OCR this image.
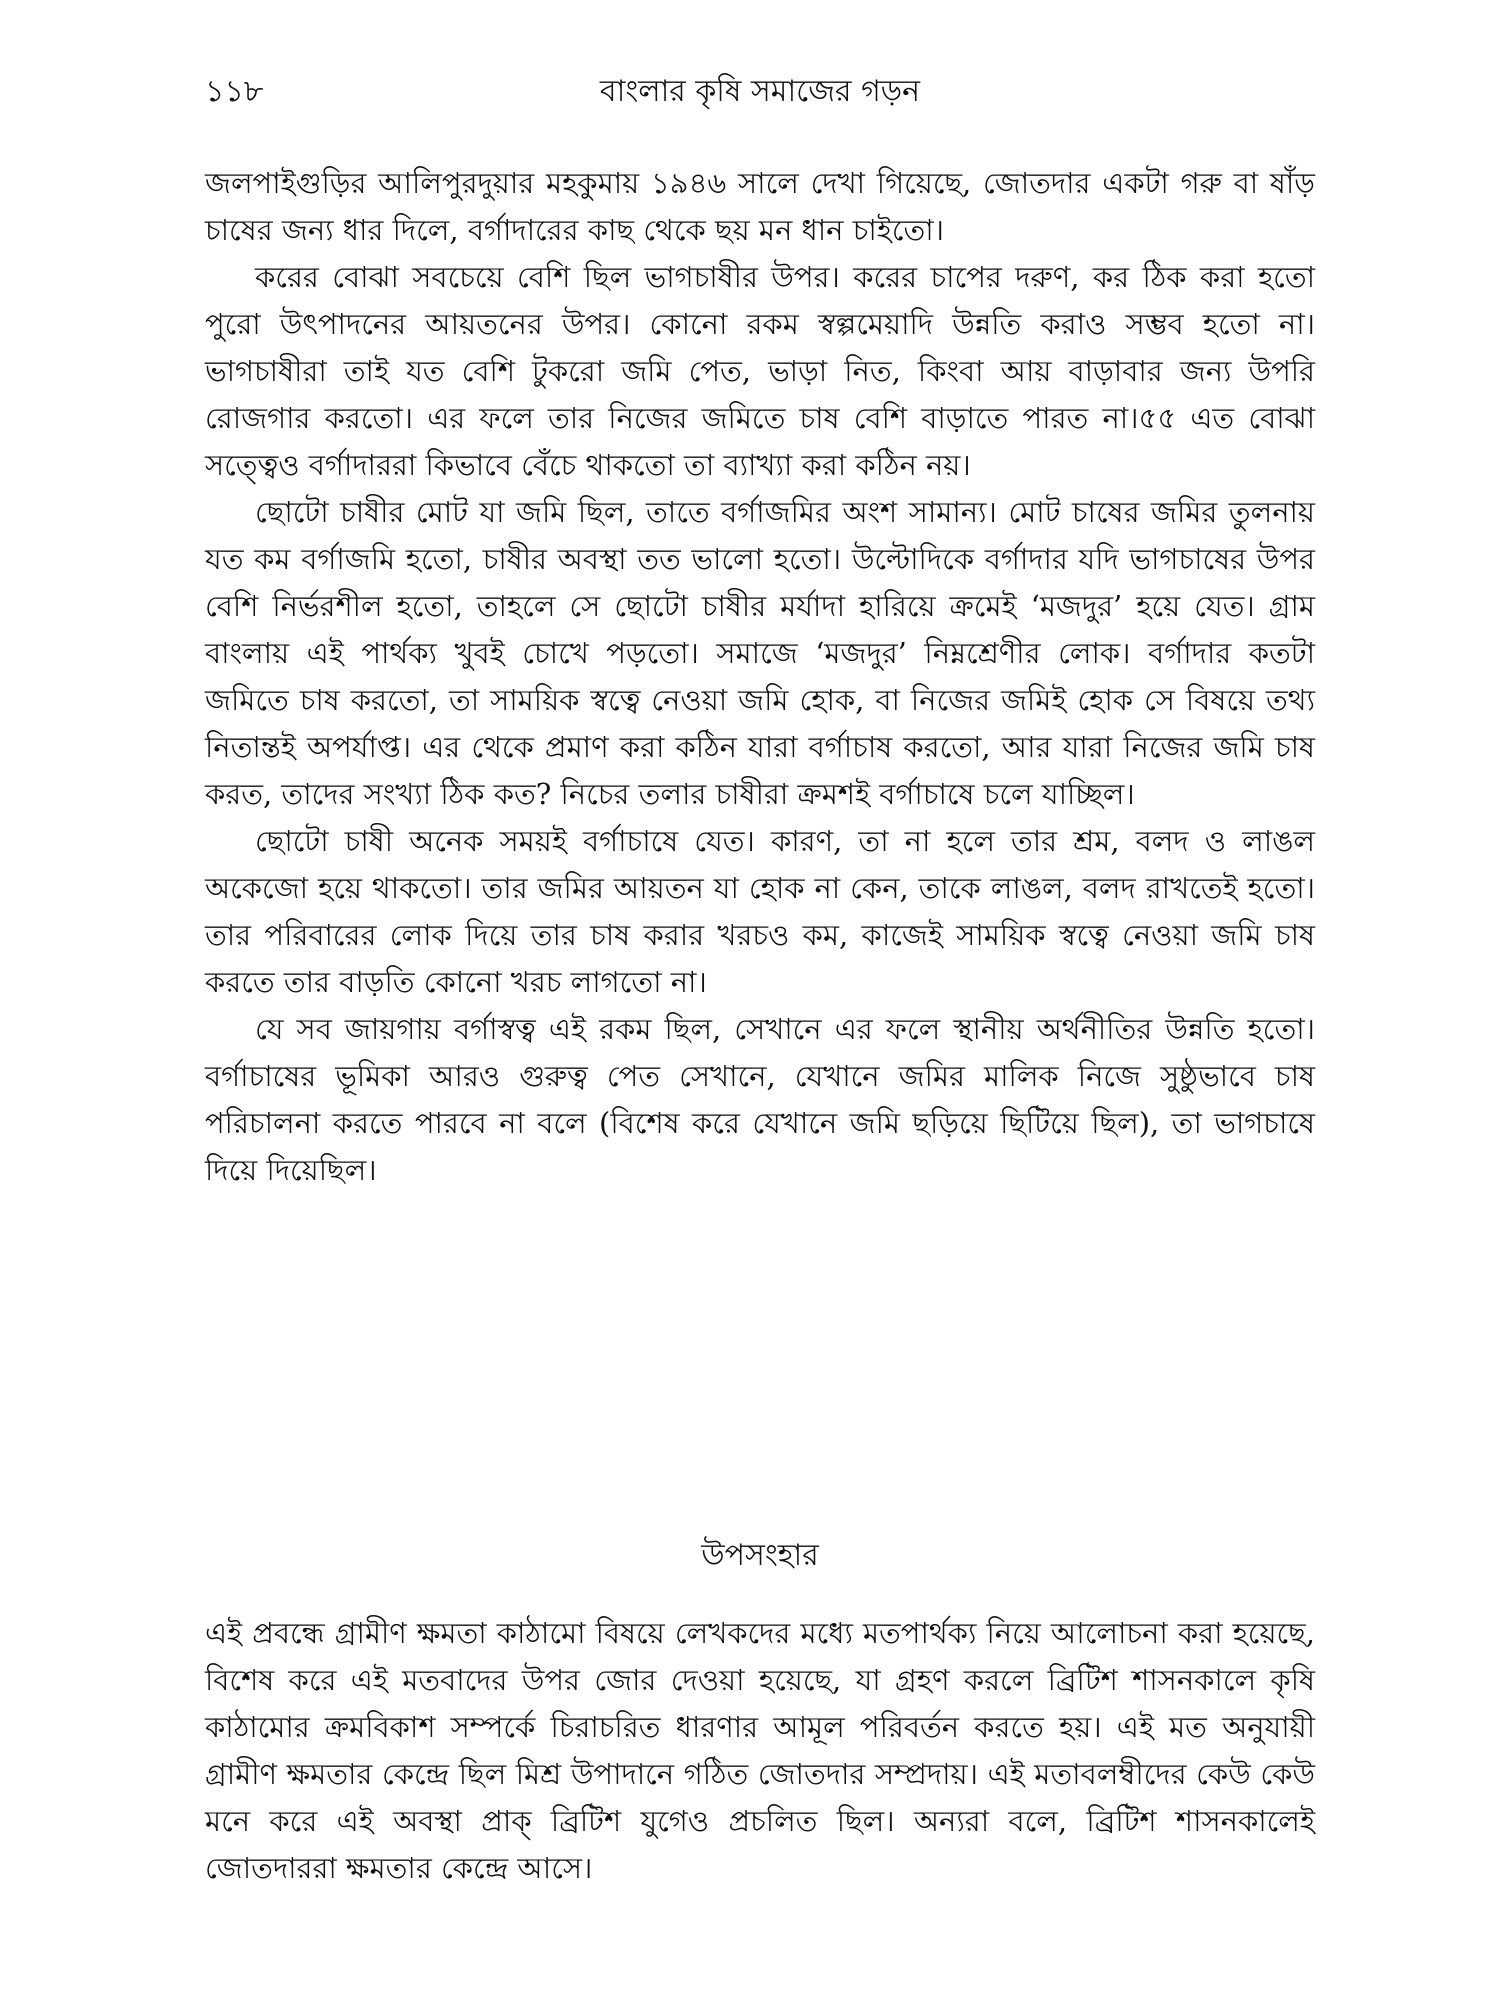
১১৮	বাংলার কৃষি সমাজের গড়ন

জলপাইগুড়ির আলিপুরদুয়ার মহকুমায় ১৯৪৬ সালে দেখা গিয়েছে, জোতদার একটা গরু বা ষাঁড় চাষের জন্য ধার দিলে, বর্গাদারের কাছ থেকে ছয় মন ধান চাইতো।

করের বোঝা সবচেয়ে বেশি ছিল ভাগচাষীর উপর। করের চাপের দরুণ, কর ঠিক করা হতো পুরো উৎপাদনের আয়তনের উপর। কোনো রকম স্বল্পমেয়াদি উন্নতি করাও সম্ভব হতো না। ভাগচাষীরা তাই যত বেশি টুকরো জমি পেত, ভাড়া নিত, কিংবা আয় বাড়াবার জন্য উপরি রোজগার করতো। এর ফলে তার নিজের জমিতে চাষ বেশি বাড়াতে পারত না।৫৫ এত বোঝা সত্ত্বেও বর্গাদাররা কিভাবে বেঁচে থাকতো তা ব্যাখ্যা করা কঠিন নয়।

ছোটো চাষীর মোট যা জমি ছিল, তাতে বর্গাজমির অংশ সামান্য। মোট চাষের জমির তুলনায় যত কম বর্গাজমি হতো, চাষীর অবস্থা তত ভালো হতো। উল্টোদিকে বর্গাদার যদি ভাগচাষের উপর বেশি নির্ভরশীল হতো, তাহলে সে ছোটো চাষীর মর্যাদা হারিয়ে ক্রমেই ‘মজদুর’ হয়ে যেত। গ্রাম বাংলায় এই পার্থক্য খুবই চোখে পড়তো। সমাজে ‘মজদুর’ নিম্নশ্রেণীর লোক। বর্গাদার কতটা জমিতে চাষ করতো, তা সাময়িক স্বত্বে নেওয়া জমি হোক, বা নিজের জমিই হোক সে বিষয়ে তথ্য নিতান্তই অপর্যাপ্ত। এর থেকে প্রমাণ করা কঠিন যারা বর্গাচাষ করতো, আর যারা নিজের জমি চাষ করত, তাদের সংখ্যা ঠিক কত? নিচের তলার চাষীরা ক্রমশই বর্গাচাষে চলে যাচ্ছিল।

ছোটো চাষী অনেক সময়ই বর্গাচাষে যেত। কারণ, তা না হলে তার শ্রম, বলদ ও লাঙল অকেজো হয়ে থাকতো। তার জমির আয়তন যা হোক না কেন, তাকে লাঙল, বলদ রাখতেই হতো। তার পরিবারের লোক দিয়ে তার চাষ করার খরচও কম, কাজেই সাময়িক স্বত্বে নেওয়া জমি চাষ করতে তার বাড়তি কোনো খরচ লাগতো না।

যে সব জায়গায় বর্গাস্বত্ব এই রকম ছিল, সেখানে এর ফলে স্থানীয় অর্থনীতির উন্নতি হতো। বর্গাচাষের ভূমিকা আরও গুরুত্ব পেত সেখানে, যেখানে জমির মালিক নিজে সুষ্ঠুভাবে চাষ পরিচালনা করতে পারবে না বলে (বিশেষ করে যেখানে জমি ছড়িয়ে ছিটিয়ে ছিল), তা ভাগচাষে দিয়ে দিয়েছিল।

উপসংহার

এই প্রবন্ধে গ্রামীণ ক্ষমতা কাঠামো বিষয়ে লেখকদের মধ্যে মতপার্থক্য নিয়ে আলোচনা করা হয়েছে, বিশেষ করে এই মতবাদের উপর জোর দেওয়া হয়েছে, যা গ্রহণ করলে ব্রিটিশ শাসনকালে কৃষি কাঠামোর ক্রমবিকাশ সম্পর্কে চিরাচরিত ধারণার আমূল পরিবর্তন করতে হয়। এই মত অনুযায়ী গ্রামীণ ক্ষমতার কেন্দ্রে ছিল মিশ্র উপাদানে গঠিত জোতদার সম্প্রদায়। এই মতাবলম্বীদের কেউ কেউ মনে করে এই অবস্থা প্রাক্ ব্রিটিশ যুগেও প্রচলিত ছিল। অন্যরা বলে, ব্রিটিশ শাসনকালেই জোতদাররা ক্ষমতার কেন্দ্রে আসে।
